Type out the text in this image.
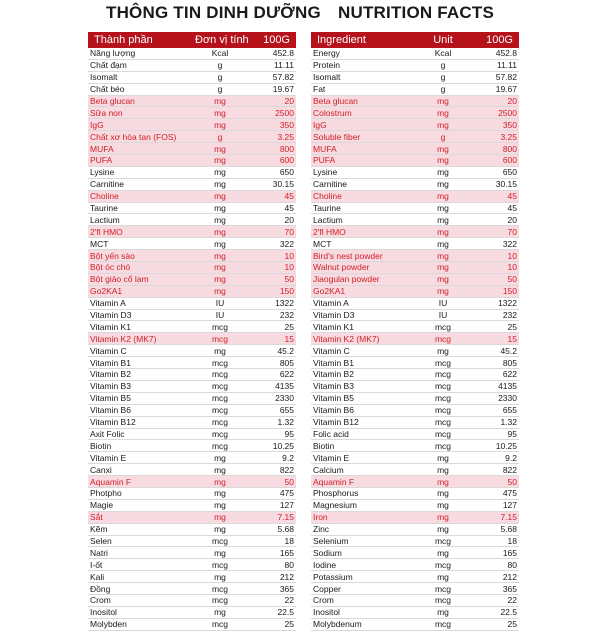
THÔNG TIN DINH DƯỠNG NUTRITION FACTS
Thành phần	Đơn vị tính	100G
Năng lượng	Kcal	452.8
Chất đạm	g	11.11
Isomalt	g	57.82
Chất béo	g	19.67
Beta glucan	mg	20
Sữa non	mg	2500
IgG	mg	350
Chất xơ hòa tan (FOS)	g	3.25
MUFA	mg	800
PUFA	mg	600
Lysine	mg	650
Carnitine	mg	30.15
Choline	mg	45
Taurine	mg	45
Lactium	mg	20
2'fl HMO	mg	70
MCT	mg	322
Bột yến sào	mg	10
Bột óc chó	mg	10
Bột giảo cổ lam	mg	50
Go2KA1	mg	150
Vitamin A	IU	1322
Vitamin D3	IU	232
Vitamin K1	mcg	25
Vitamin K2 (MK7)	mcg	15
Vitamin C	mg	45.2
Vitamin B1	mcg	805
Vitamin B2	mcg	622
Vitamin B3	mcg	4135
Vitamin B5	mcg	2330
Vitamin B6	mcg	655
Vitamin B12	mcg	1.32
Axit Folic	mcg	95
Biotin	mcg	10.25
Vitamin E	mg	9.2
Canxi	mg	822
Aquamin F	mg	50
Photpho	mg	475
Magie	mg	127
Sắt	mg	7.15
Kẽm	mg	5.68
Selen	mcg	18
Natri	mg	165
I-ốt	mcg	80
Kali	mg	212
Đồng	mcg	365
Crom	mcg	22
Inositol	mg	22.5
Molybden	mcg	25
Ingredient	Unit	100G
Energy	Kcal	452.8
Protein	g	11.11
Isomalt	g	57.82
Fat	g	19.67
Beta glucan	mg	20
Colostrum	mg	2500
IgG	mg	350
Soluble fiber	g	3.25
MUFA	mg	800
PUFA	mg	600
Lysine	mg	650
Carnitine	mg	30.15
Choline	mg	45
Taurine	mg	45
Lactium	mg	20
2'fl HMO	mg	70
MCT	mg	322
Bird's nest powder	mg	10
Walnut powder	mg	10
Jiaogulan powder	mg	50
Go2KA1	mg	150
Vitamin A	IU	1322
Vitamin D3	IU	232
Vitamin K1	mcg	25
Vitamin K2 (MK7)	mcg	15
Vitamin C	mg	45.2
Vitamin B1	mcg	805
Vitamin B2	mcg	622
Vitamin B3	mcg	4135
Vitamin B5	mcg	2330
Vitamin B6	mcg	655
Vitamin B12	mcg	1.32
Folic acid	mcg	95
Biotin	mcg	10.25
Vitamin E	mg	9.2
Calcium	mg	822
Aquamin F	mg	50
Phosphorus	mg	475
Magnesium	mg	127
Iron	mg	7.15
Zinc	mg	5.68
Selenium	mcg	18
Sodium	mg	165
Iodine	mcg	80
Potassium	mg	212
Copper	mcg	365
Crom	mcg	22
Inositol	mg	22.5
Molybdenum	mcg	25
